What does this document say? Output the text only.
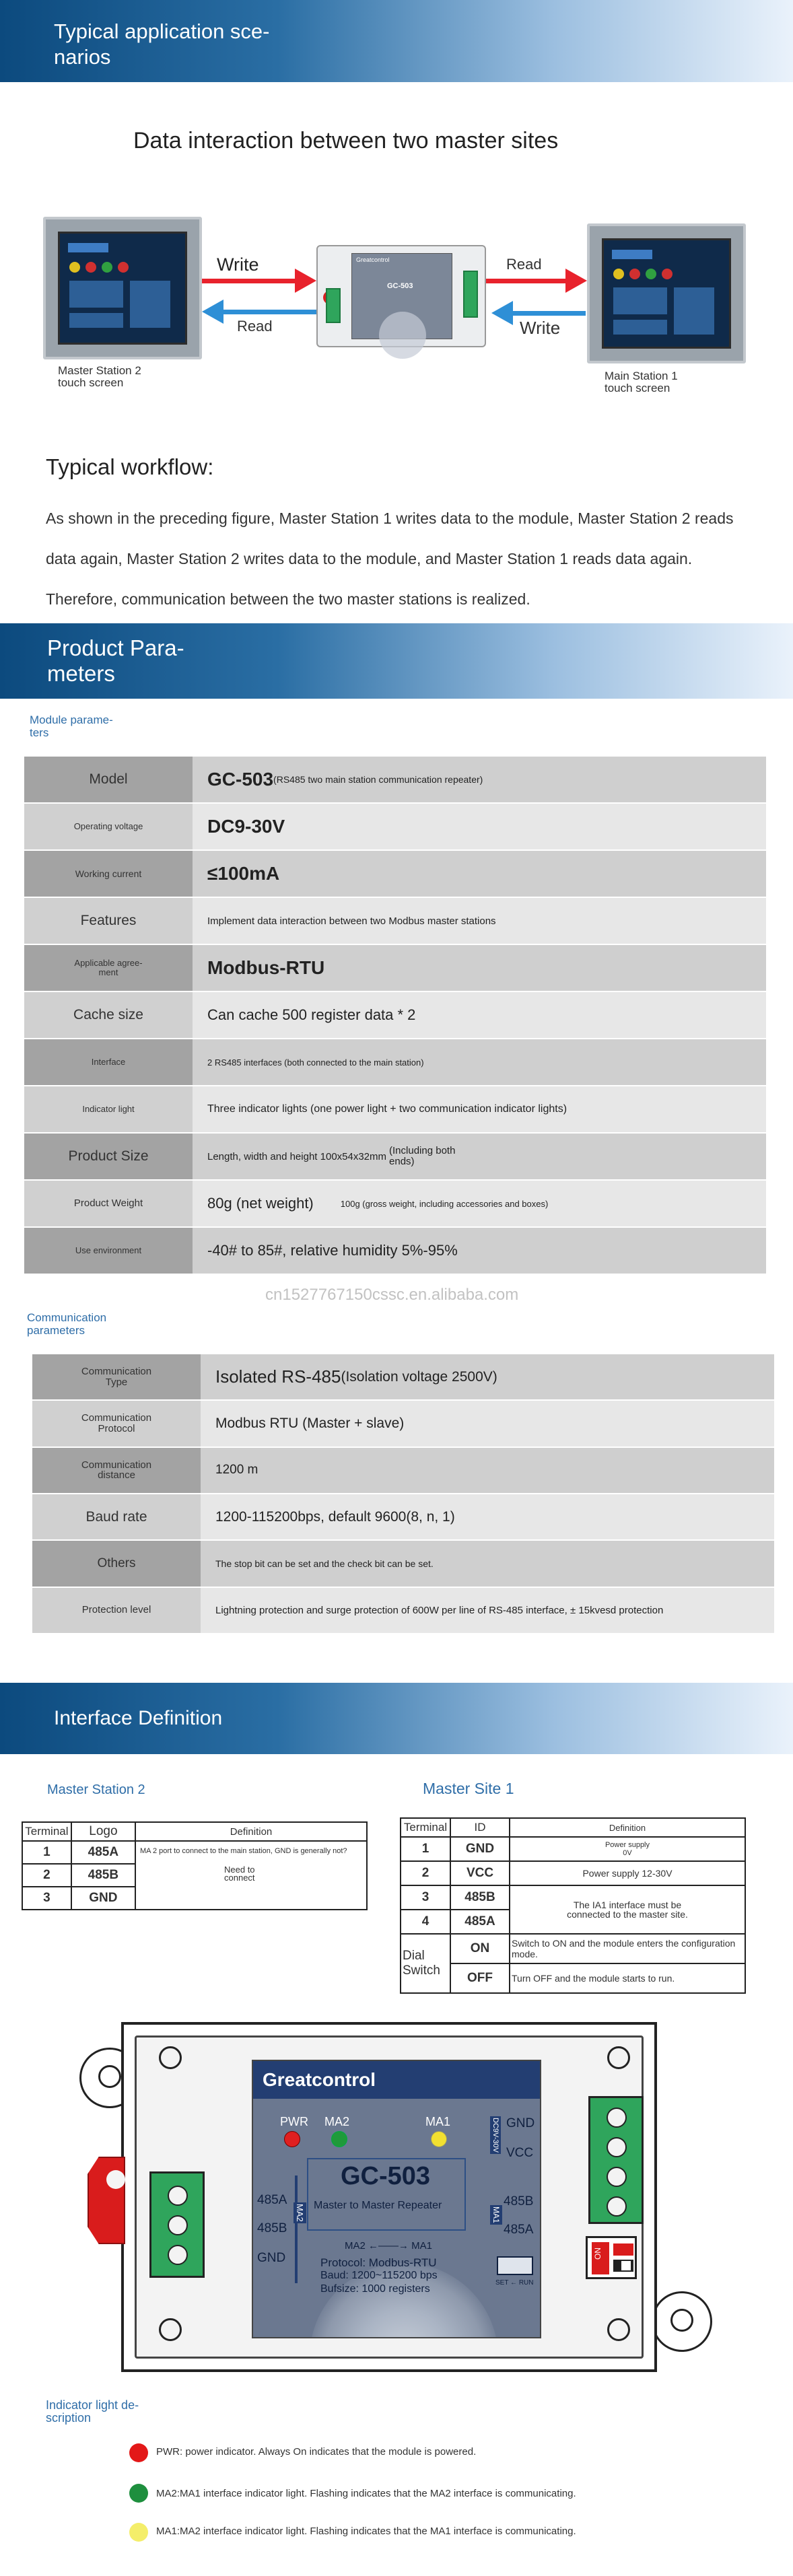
Typical application sce-
narios
Data interaction between two master sites
Master Station 2
touch screen
Main Station 1
touch screen
Write
Read
Greatcontrol
GC-503
Read
Write
Typical workflow:
As shown in the preceding figure, Master Station 1 writes data to the module, Master Station 2 reads data again, Master Station 2 writes data to the module, and Master Station 1 reads data again. Therefore, communication between the two master stations is realized.
Product Para-
meters
Module parame-
ters
Model	GC-503 (RS485 two main station communication repeater)
Operating voltage	DC9-30V
Working current	≤100mA
Features	Implement data interaction between two Modbus master stations
Applicable agree-
ment	Modbus-RTU
Cache size	Can cache 500 register data * 2
Interface	2 RS485 interfaces (both connected to the main station)
Indicator light	Three indicator lights (one power light + two communication indicator lights)
Product Size	Length, width and height 100x54x32mm (Including both ends)
Product Weight	80g (net weight)	100g (gross weight, including accessories and boxes)
Use environment	-40# to 85#, relative humidity 5%-95%
cn1527767150cssc.en.alibaba.com
Communication
parameters
Communication
Type	Isolated RS-485 (Isolation voltage 2500V)
Communication
Protocol	Modbus RTU (Master + slave)
Communication
distance	1200 m
Baud rate	1200-115200bps, default 9600(8, n, 1)
Others	The stop bit can be set and the check bit can be set.
Protection level	Lightning protection and surge protection of 600W per line of RS-485 interface, ± 15kvesd protection
Interface Definition
Master Station 2	Master Site 1
Terminal	Logo	Definition
1	485A	MA 2 port to connect to the main station, GND is generally not?
Need to
connect

2	485B	
3	GND	
Terminal	ID	Definition
1	GND	Power supply
0V
2	VCC	Power supply 12-30V
3	485B	The IA1 interface must be
connected to the master site.
4	485A	
Dial
Switch	ON	Switch to ON and the module enters the configuration mode.
	OFF	Turn OFF and the module starts to run.
ON
Greatcontrol
PWR MA2	MA1
GC-503
Master to Master Repeater
MA2 ←——→ MA1
Protocol: Modbus-RTU
Baud: 1200~115200 bps
Bufsize: 1000 registers
MA2
485A
485B
GND
DC9V-30V
MA1
GND
VCC
485B
485A
SET ← RUN
Indicator light de-
scription
PWR: power indicator. Always On indicates that the module is powered.
MA2:MA1 interface indicator light. Flashing indicates that the MA2 interface is communicating.
MA1:MA2 interface indicator light. Flashing indicates that the MA1 interface is communicating.
